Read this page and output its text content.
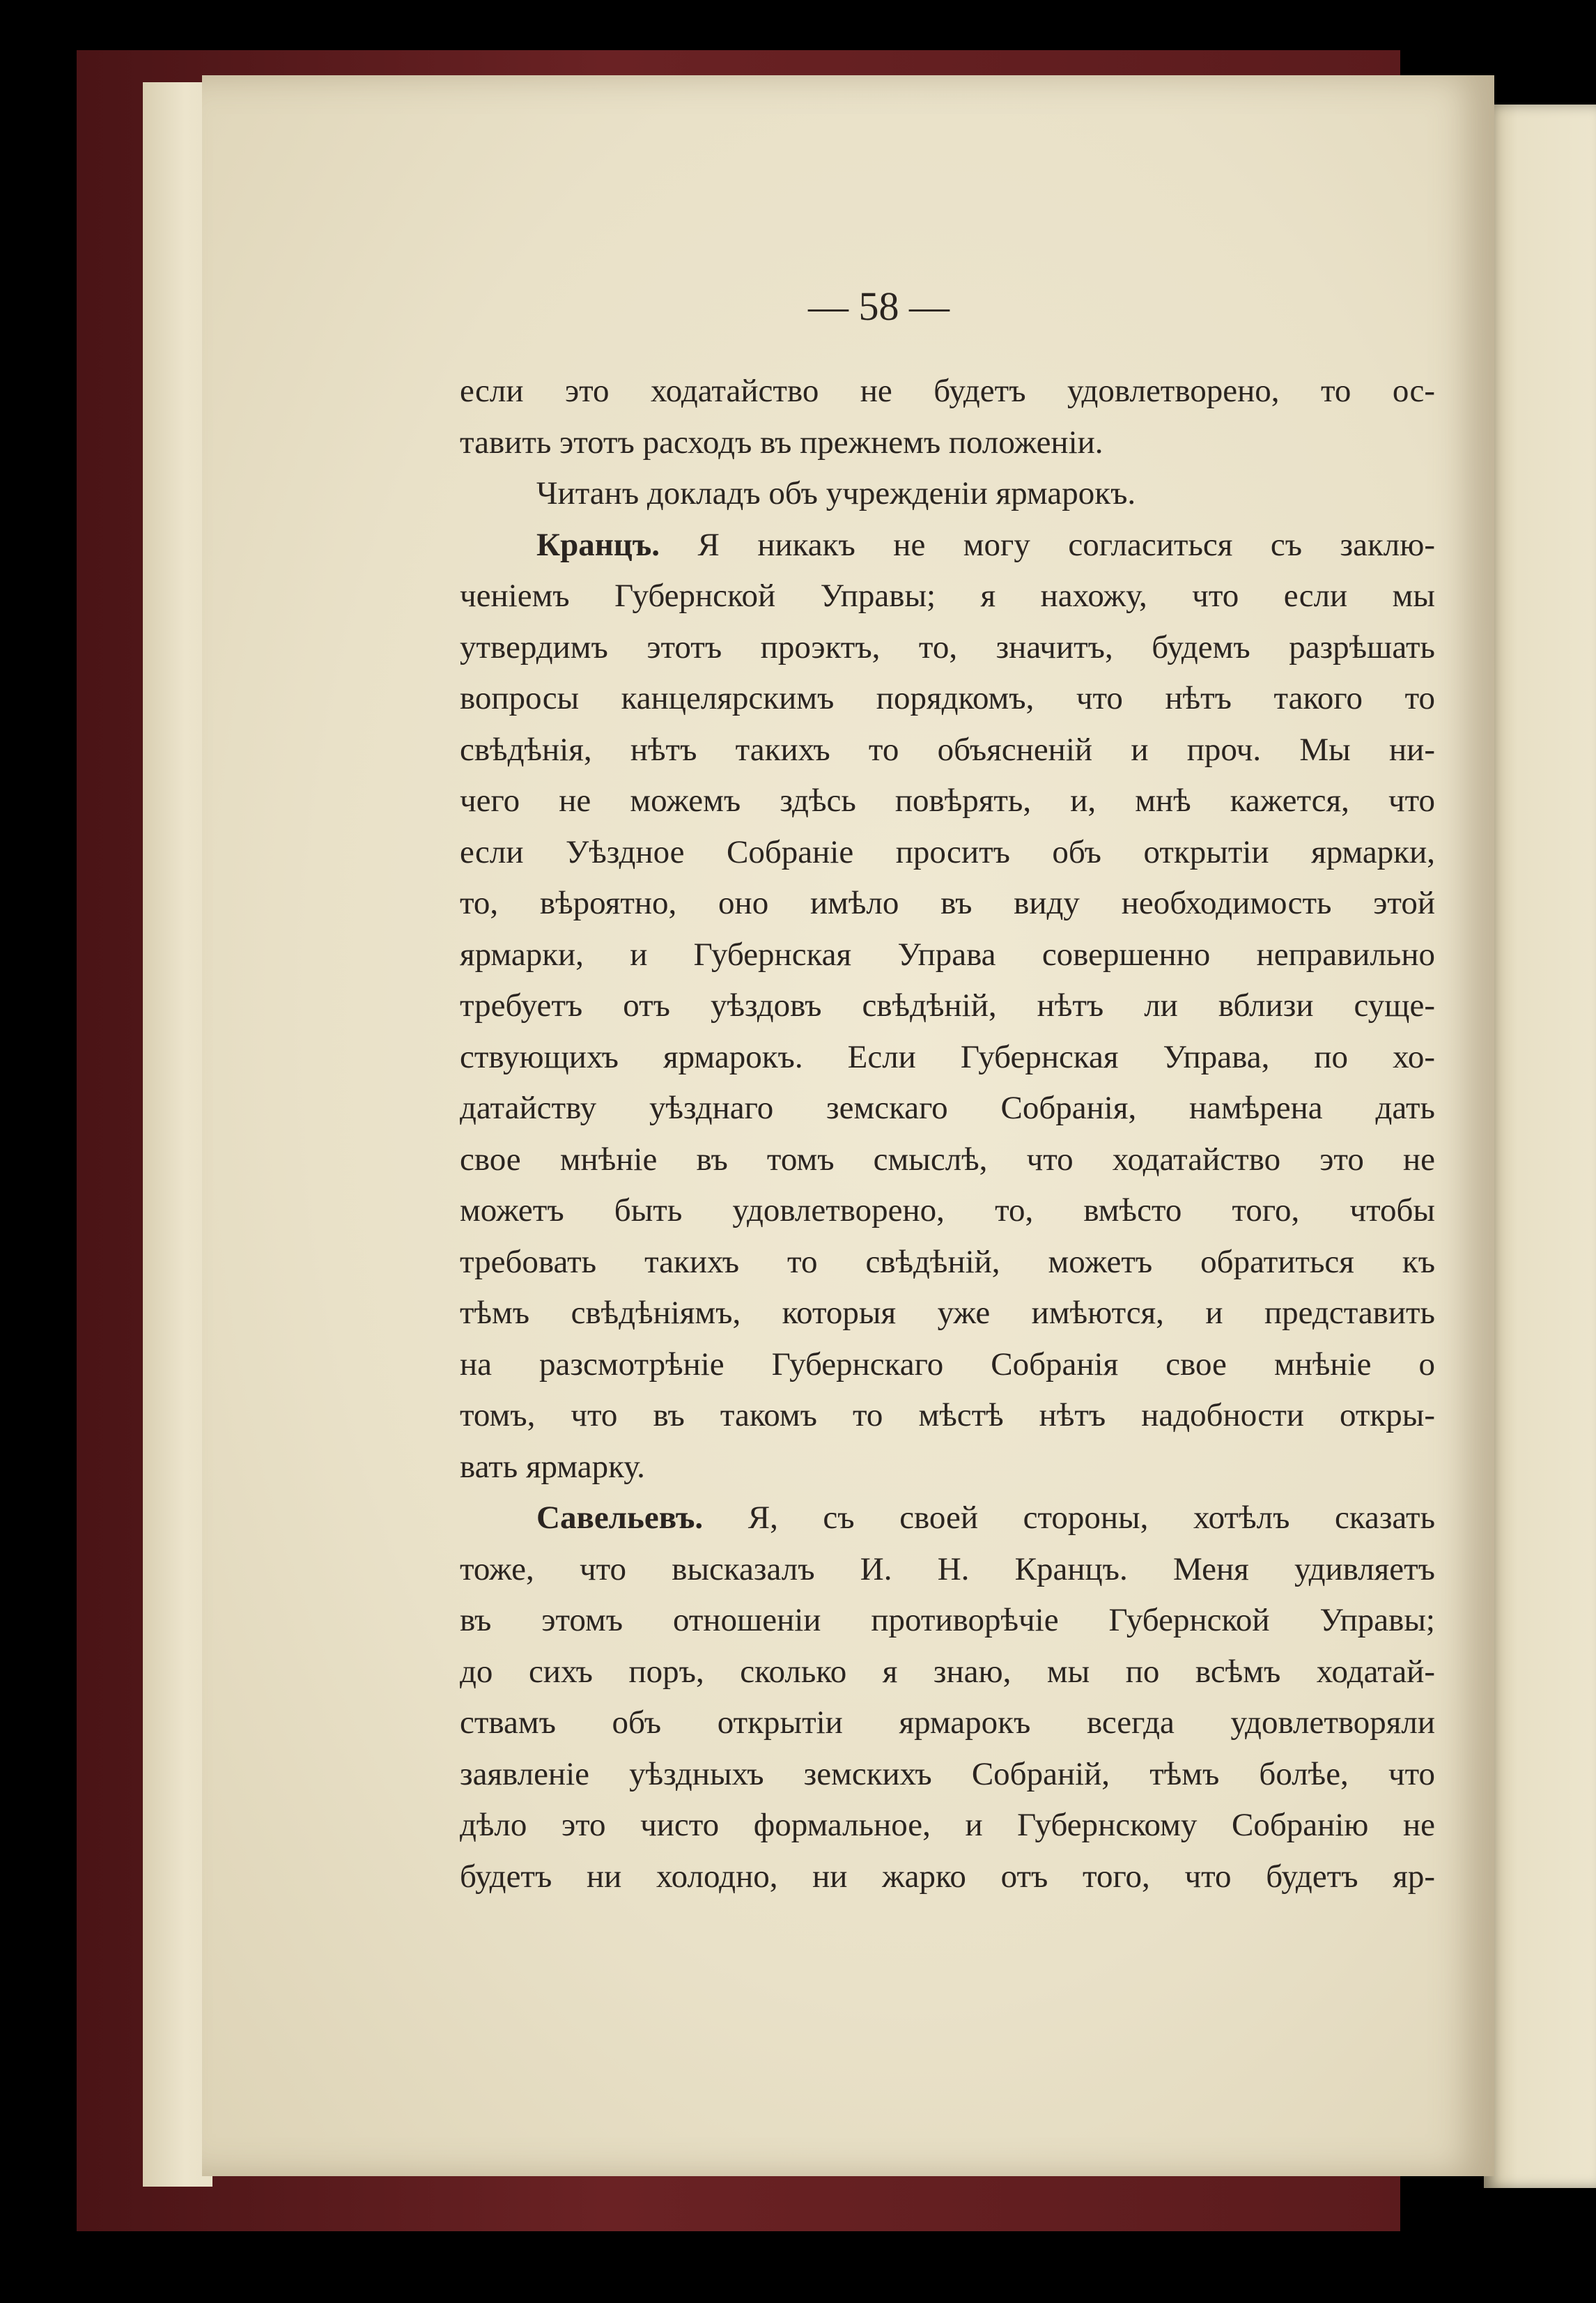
— 58 —
если это ходатайство не будетъ удовлетворено, то ос-
тавить этотъ расходъ въ прежнемъ положеніи.
Читанъ докладъ объ учрежденіи ярмарокъ.
Кранцъ. Я никакъ не могу согласиться съ заклю-
ченіемъ Губернской Управы; я нахожу, что если мы
утвердимъ этотъ проэктъ, то, значитъ, будемъ разрѣшать
вопросы канцелярскимъ порядкомъ, что нѣтъ такого то
свѣдѣнія, нѣтъ такихъ то объясненій и проч. Мы ни-
чего не можемъ здѣсь повѣрять, и, мнѣ кажется, что
если Уѣздное Собраніе проситъ объ открытіи ярмарки,
то, вѣроятно, оно имѣло въ виду необходимость этой
ярмарки, и Губернская Управа совершенно неправильно
требуетъ отъ уѣздовъ свѣдѣній, нѣтъ ли вблизи суще-
ствующихъ ярмарокъ. Если Губернская Управа, по хо-
датайству уѣзднаго земскаго Собранія, намѣрена дать
свое мнѣніе въ томъ смыслѣ, что ходатайство это не
можетъ быть удовлетворено, то, вмѣсто того, чтобы
требовать такихъ то свѣдѣній, можетъ обратиться къ
тѣмъ свѣдѣніямъ, которыя уже имѣются, и представить
на разсмотрѣніе Губернскаго Собранія свое мнѣніе о
томъ, что въ такомъ то мѣстѣ нѣтъ надобности откры-
вать ярмарку.
Савельевъ. Я, съ своей стороны, хотѣлъ сказать
тоже, что высказалъ И. Н. Кранцъ. Меня удивляетъ
въ этомъ отношеніи противорѣчіе Губернской Управы;
до сихъ поръ, сколько я знаю, мы по всѣмъ ходатай-
ствамъ объ открытіи ярмарокъ всегда удовлетворяли
заявленіе уѣздныхъ земскихъ Собраній, тѣмъ болѣе, что
дѣло это чисто формальное, и Губернскому Собранію не
будетъ ни холодно, ни жарко отъ того, что будетъ яр-
